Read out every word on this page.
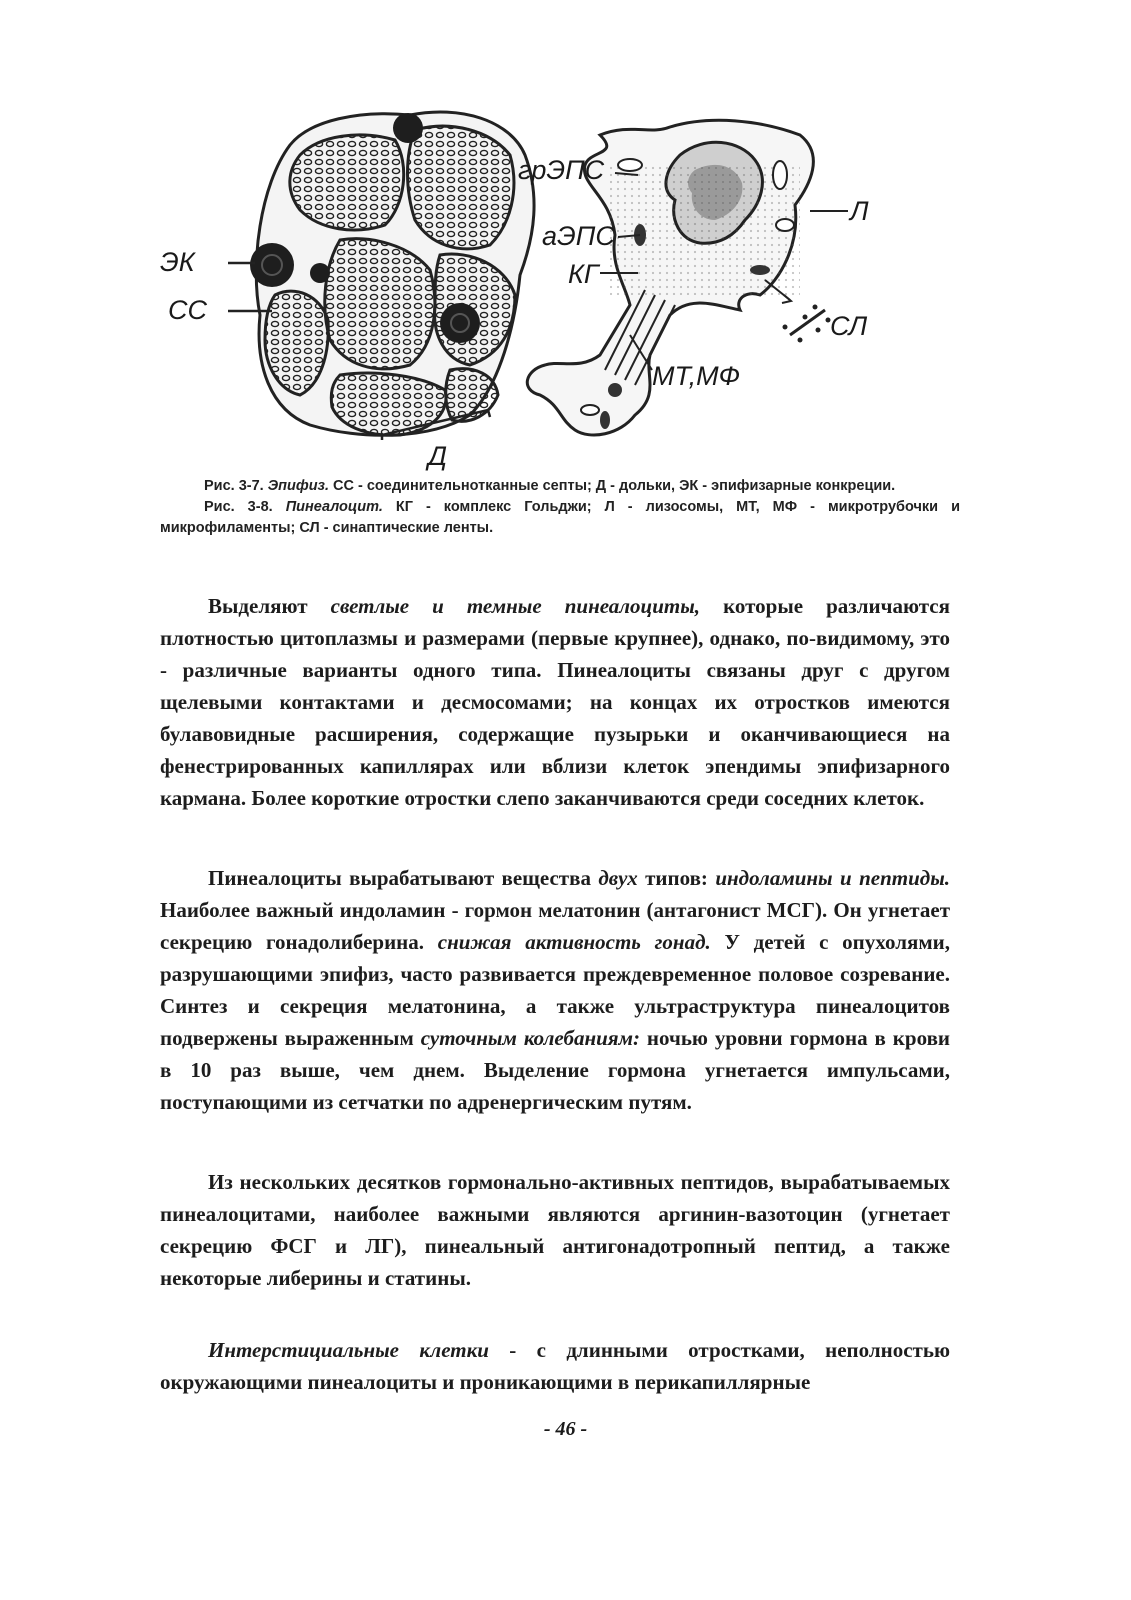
грЭПС
Л
аЭПС
КГ
ЭК
СС
СЛ
МТ,МФ
Д

Рис. 3-7. Эпифиз. СС - соединительнотканные септы; Д - дольки, ЭК - эпифизарные конкреции.

Рис. 3-8. Пинеалоцит. КГ - комплекс Гольджи; Л - лизосомы, МТ, МФ - микротрубочки и микрофиламенты; СЛ - синаптические ленты.

Выделяют светлые и темные пинеалоциты, которые различаются плотностью цитоплазмы и размерами (первые крупнее), однако, по-видимому, это - различные варианты одного типа. Пинеалоциты связаны друг с другом щелевыми контактами и десмосомами; на концах их отростков имеются булавовидные расширения, содержащие пузырьки и оканчивающиеся на фенестрированных капиллярах или вблизи клеток эпендимы эпифизарного кармана. Более короткие отростки слепо заканчиваются среди соседних клеток.

Пинеалоциты вырабатывают вещества двух типов: индоламины и пептиды. Наиболее важный индоламин - гормон мелатонин (антагонист МСГ). Он угнетает секрецию гонадолиберина. снижая активность гонад. У детей с опухолями, разрушающими эпифиз, часто развивается преждевременное половое созревание. Синтез и секреция мелатонина, а также ультраструктура пинеалоцитов подвержены выраженным суточным колебаниям: ночью уровни гормона в крови в 10 раз выше, чем днем. Выделение гормона угнетается импульсами, поступающими из сетчатки по адренергическим путям.

Из нескольких десятков гормонально-активных пептидов, вырабатываемых пинеалоцитами, наиболее важными являются аргинин-вазотоцин (угнетает секрецию ФСГ и ЛГ), пинеальный антигонадотропный пептид, а также некоторые либерины и статины.

Интерстициальные клетки - с длинными отростками, неполностью окружающими пинеалоциты и проникающими в перикапиллярные

- 46 -
